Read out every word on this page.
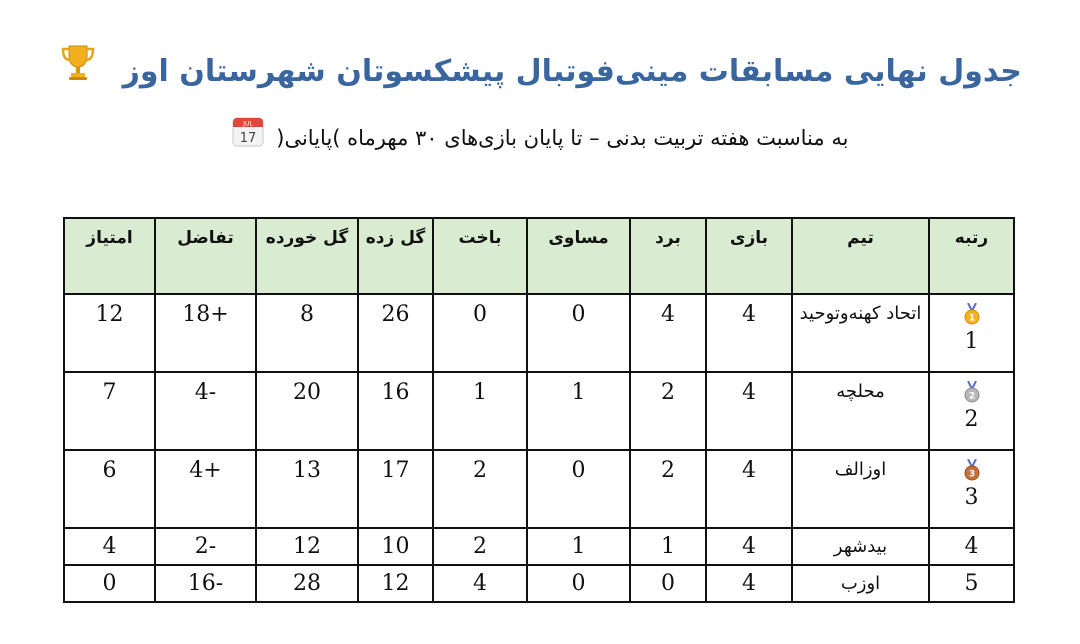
جدول نهایی مسابقات مینی‌فوتبال پیشکسوتان شهرستان اوز
به مناسبت هفته تربیت بدنی – تا پایان بازی‌های ۳۰ مهرماه )پایانی(
JUL
17
رتبه	تیم	بازی	برد	مساوی	باخت	گل زده	گل خورده	تفاضل	امتیاز

1
1	اتحاد کهنه‌وتوحید	4	4	0	0	26	8	+18	12

2
2	محلچه	4	2	1	1	16	20	-4	7

3
3	اوزالف	4	2	0	2	17	13	+4	6
4	بیدشهر	4	1	1	2	10	12	-2	4
5	اوزب	4	0	0	4	12	28	-16	0
